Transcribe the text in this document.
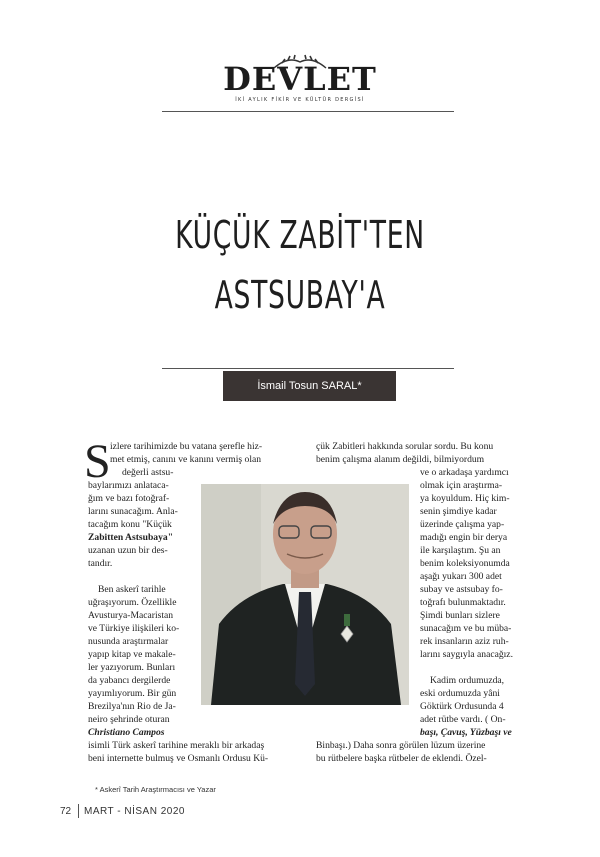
DEVLET
İKİ AYLIK FİKİR VE KÜLTÜR DERGİSİ
KÜÇÜK ZABİT'TEN
ASTSUBAY'A
İsmail Tosun SARAL*
S izlere tarihimizde bu vatana şerefle hiz-
met etmiş, canını ve kanını vermiş olan
değerli astsu-
baylarımızı anlataca-
ğım ve bazı fotoğraf-
larını sunacağım. Anla-
tacağım konu "Küçük
Zabitten Astsubaya"
uzanan uzun bir des-
tandır.
Ben askerî tarihle
uğraşıyorum. Özellikle
Avusturya-Macaristan
ve Türkiye ilişkileri ko-
nusunda araştırmalar
yapıp kitap ve makale-
ler yazıyorum. Bunları
da yabancı dergilerde
yayımlıyorum. Bir gün
Brezilya'nın Rio de Ja-
neiro şehrinde oturan
Christiano Campos
isimli Türk askerî tarihine meraklı bir arkadaş
beni internette bulmuş ve Osmanlı Ordusu Kü-
çük Zabitleri hakkında sorular sordu. Bu konu
benim çalışma alanım değildi, bilmiyordum
ve o arkadaşa yardımcı
olmak için araştırma-
ya koyuldum. Hiç kim-
senin şimdiye kadar
üzerinde çalışma yap-
madığı engin bir derya
ile karşılaştım. Şu an
benim koleksiyonumda
aşağı yukarı 300 adet
subay ve astsubay fo-
toğrafı bulunmaktadır.
Şimdi bunları sizlere
sunacağım ve bu müba-
rek insanların aziz ruh-
larını saygıyla anacağız.
Kadim ordumuzda,
eski ordumuzda yâni
Göktürk Ordusunda 4
adet rütbe vardı. ( On-
başı, Çavuş, Yüzbaşı ve
Binbaşı.) Daha sonra görülen lüzum üzerine
bu rütbelere başka rütbeler de eklendi. Özel-
* Askerî Tarih Araştırmacısı ve Yazar
72 MART - NİSAN 2020
